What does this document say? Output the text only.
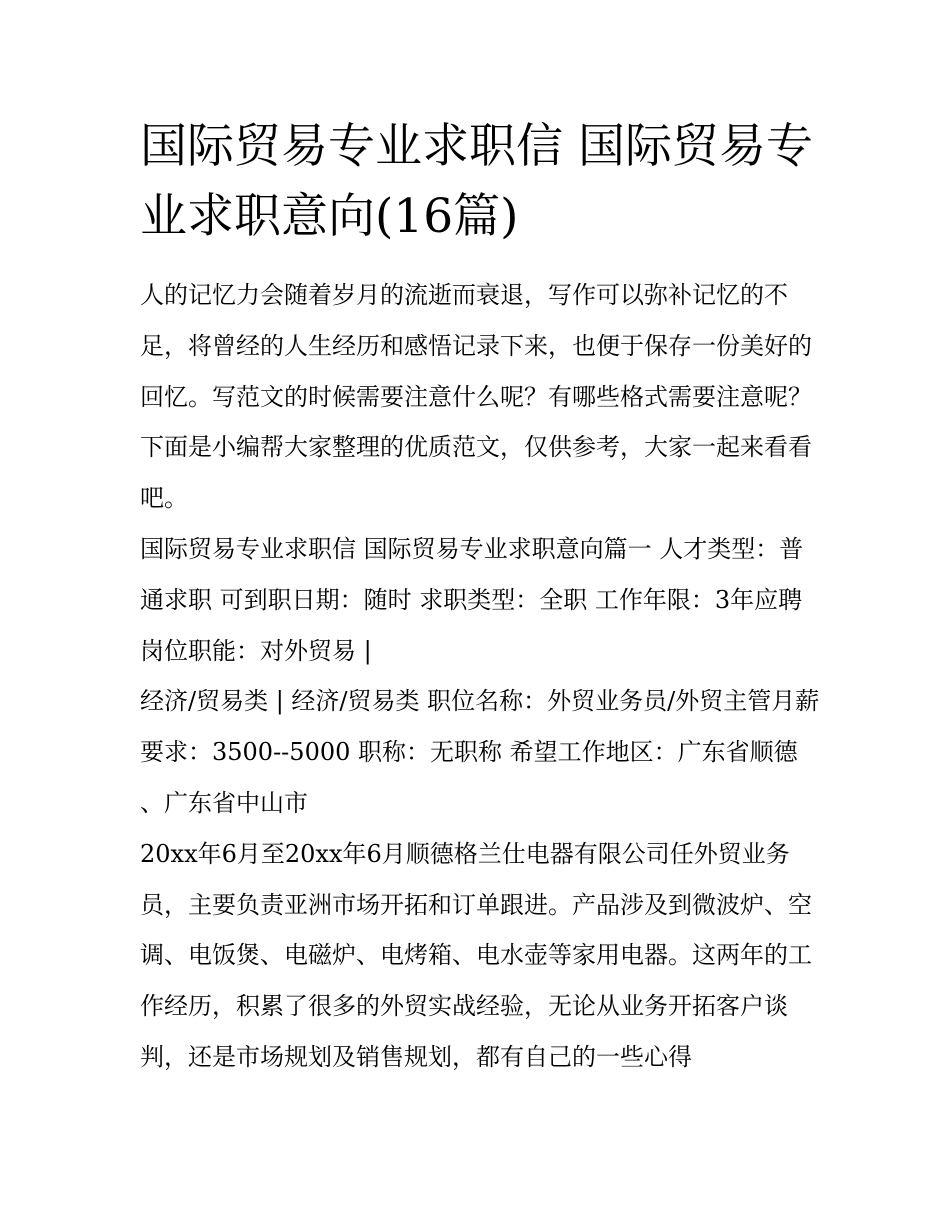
国际贸易专业求职信 国际贸易专业求职意向(16篇)

人的记忆力会随着岁月的流逝而衰退，写作可以弥补记忆的不足，将曾经的人生经历和感悟记录下来，也便于保存一份美好的回忆。写范文的时候需要注意什么呢？有哪些格式需要注意呢？下面是小编帮大家整理的优质范文，仅供参考，大家一起来看看吧。

国际贸易专业求职信 国际贸易专业求职意向篇一 人才类型：普通求职 可到职日期：随时 求职类型：全职 工作年限：3年应聘岗位职能：对外贸易 |

经济/贸易类 | 经济/贸易类 职位名称：外贸业务员/外贸主管月薪要求：3500--5000 职称：无职称 希望工作地区：广东省顺德 、广东省中山市

20xx年6月至20xx年6月顺德格兰仕电器有限公司任外贸业务员，主要负责亚洲市场开拓和订单跟进。产品涉及到微波炉、空调、电饭煲、电磁炉、电烤箱、电水壶等家用电器。这两年的工作经历，积累了很多的外贸实战经验，无论从业务开拓客户谈判，还是市场规划及销售规划，都有自己的一些心得
